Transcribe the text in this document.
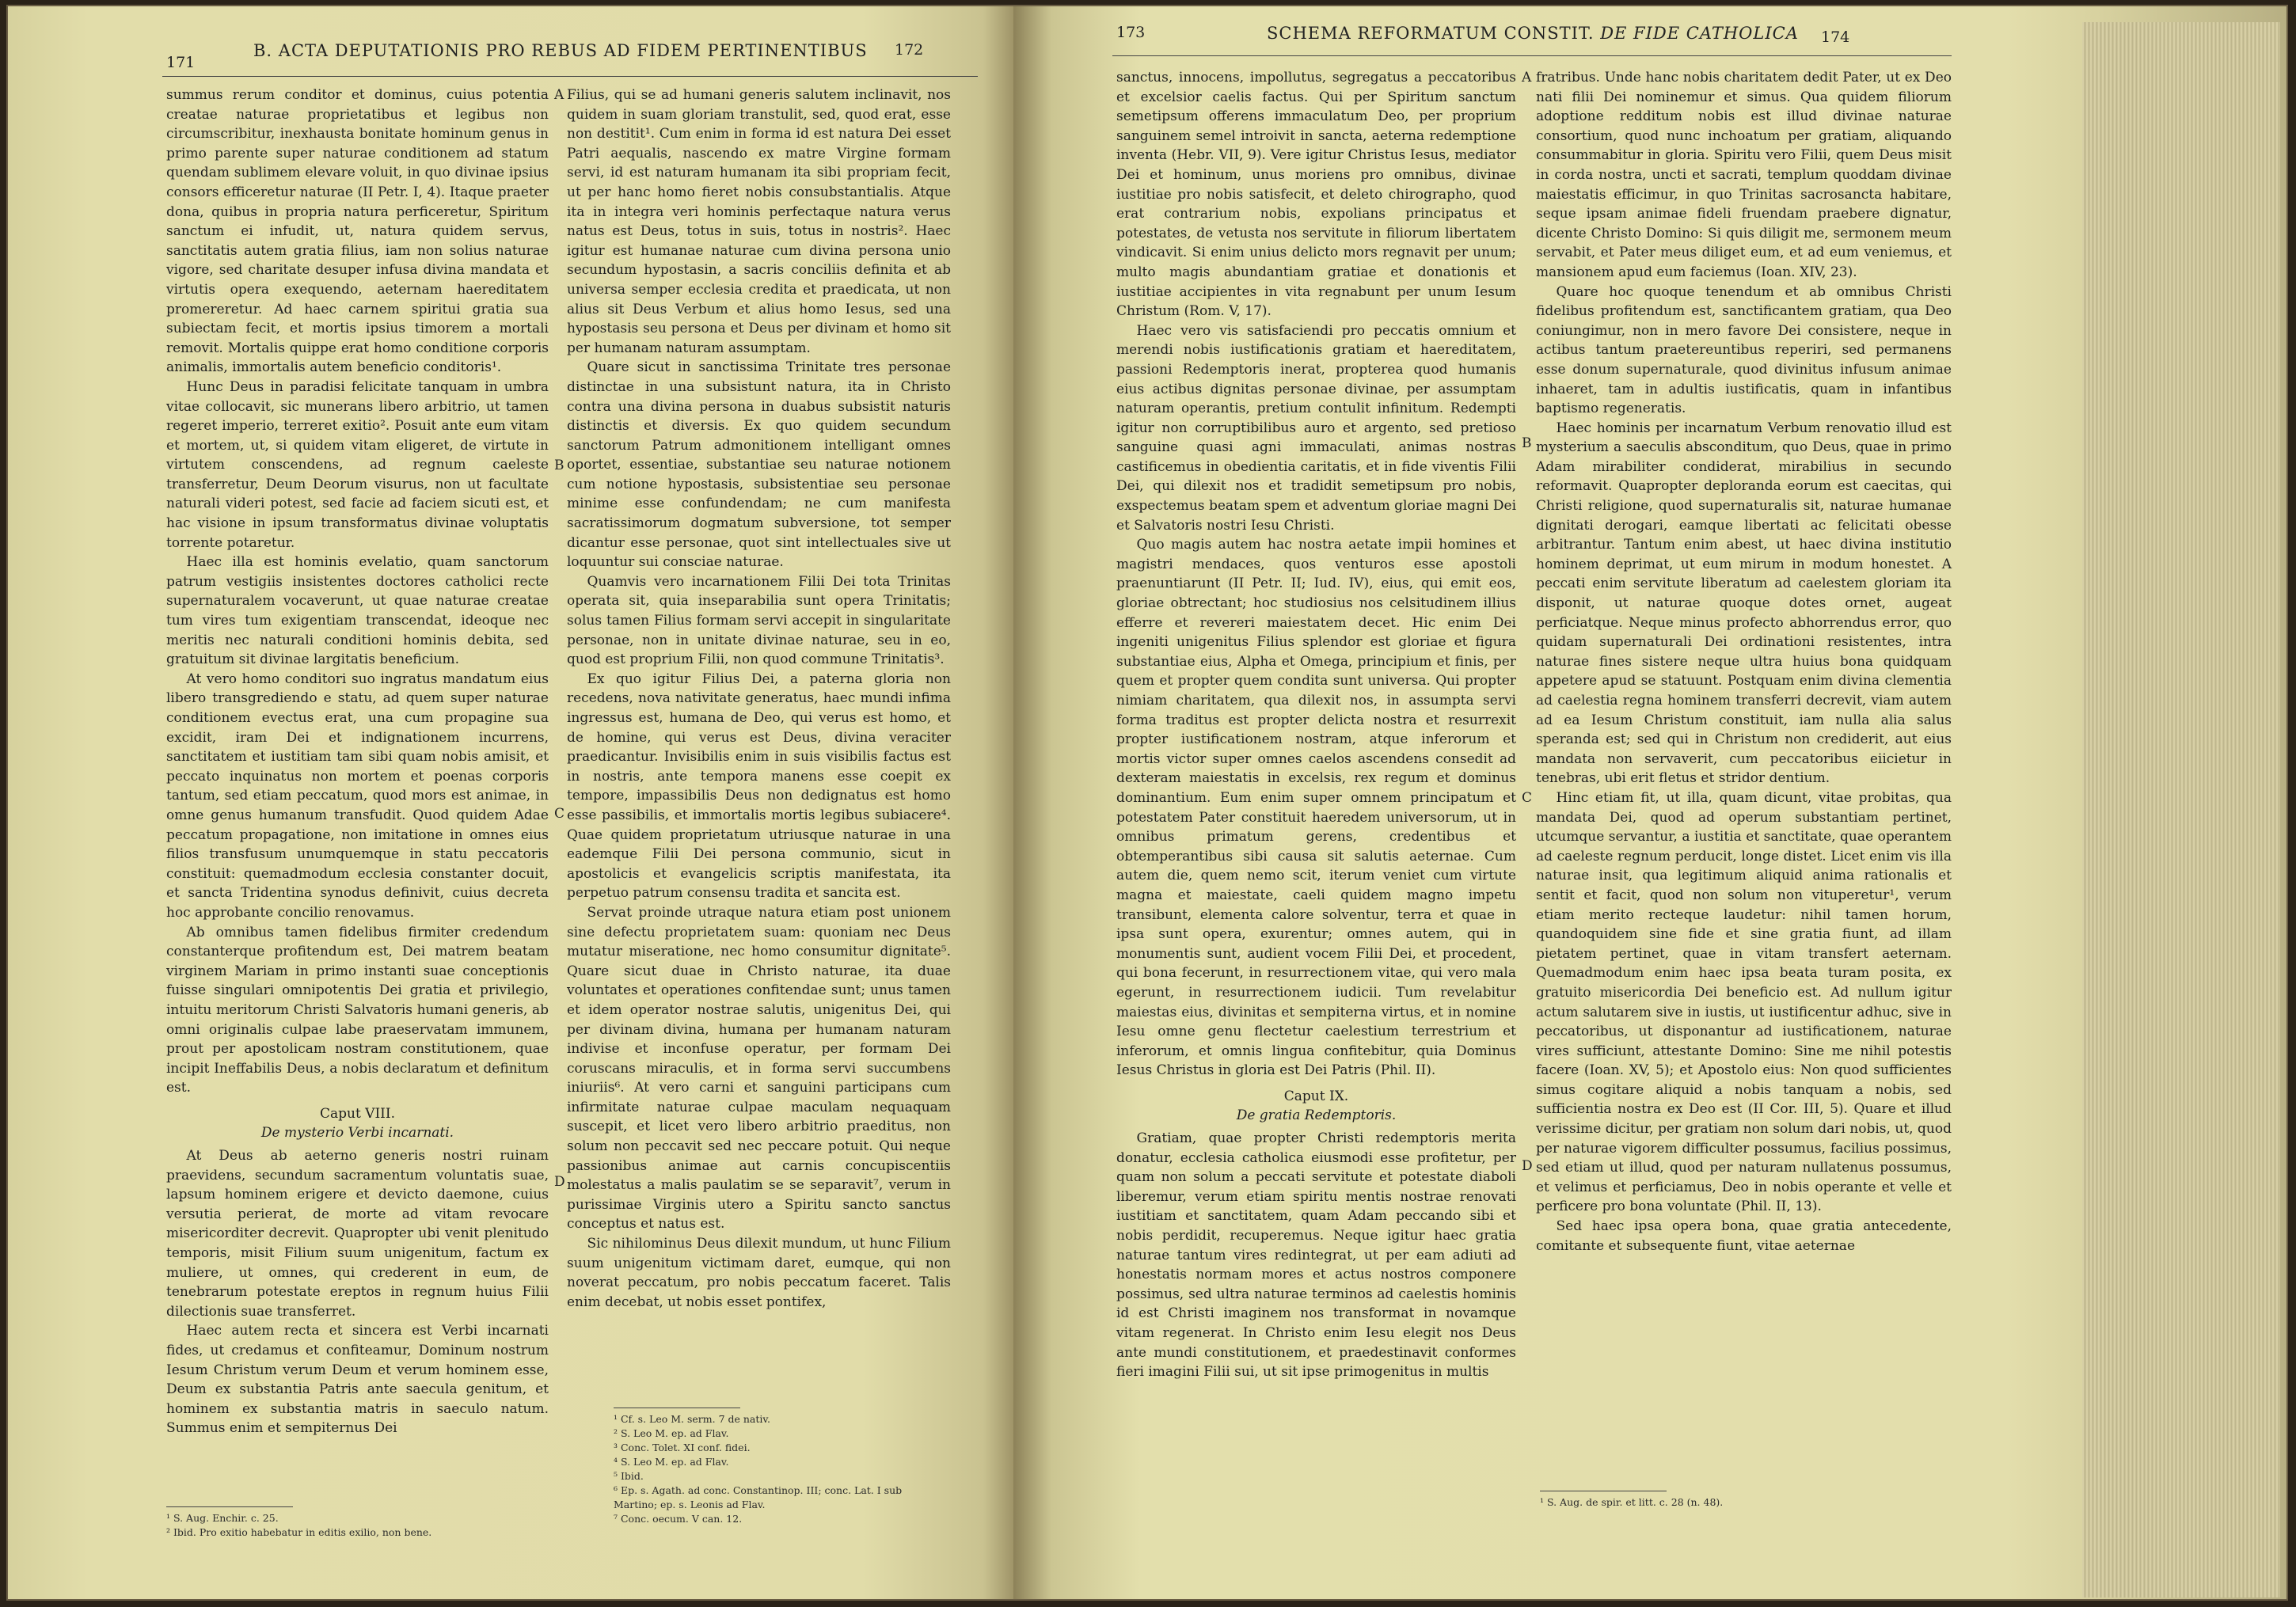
171
B. ACTA DEPUTATIONIS PRO REBUS AD FIDEM PERTINENTIBUS 172

summus rerum conditor et dominus, cuius potentia creatae naturae proprietatibus et legibus non circumscribitur, inexhausta bonitate hominum genus in primo parente super naturae conditionem ad statum quendam sublimem elevare voluit, in quo divinae ipsius consors efficeretur naturae (II Petr. I, 4). Itaque praeter dona, quibus in propria natura perficeretur, Spiritum sanctum ei infudit, ut, natura quidem servus, sanctitatis autem gratia filius, iam non solius naturae vigore, sed charitate desuper infusa divina mandata et virtutis opera exequendo, aeternam haereditatem promereretur. Ad haec carnem spiritui gratia sua subiectam fecit, et mortis ipsius timorem a mortali removit. Mortalis quippe erat homo conditione corporis animalis, immortalis autem beneficio conditoris¹.

Hunc Deus in paradisi felicitate tanquam in umbra vitae collocavit, sic munerans libero arbitrio, ut tamen regeret imperio, terreret exitio². Posuit ante eum vitam et mortem, ut, si quidem vitam eligeret, de virtute in virtutem conscendens, ad regnum caeleste transferretur, Deum Deorum visurus, non ut facultate naturali videri potest, sed facie ad faciem sicuti est, et hac visione in ipsum transformatus divinae voluptatis torrente potaretur.

Haec illa est hominis evelatio, quam sanctorum patrum vestigiis insistentes doctores catholici recte supernaturalem vocaverunt, ut quae naturae creatae tum vires tum exigentiam transcendat, ideoque nec meritis nec naturali conditioni hominis debita, sed gratuitum sit divinae largitatis beneficium.

At vero homo conditori suo ingratus mandatum eius libero transgrediendo e statu, ad quem super naturae conditionem evectus erat, una cum propagine sua excidit, iram Dei et indignationem incurrens, sanctitatem et iustitiam tam sibi quam nobis amisit, et peccato inquinatus non mortem et poenas corporis tantum, sed etiam peccatum, quod mors est animae, in omne genus humanum transfudit. Quod quidem Adae peccatum propagatione, non imitatione in omnes eius filios transfusum unumquemque in statu peccatoris constituit: quemadmodum ecclesia constanter docuit, et sancta Tridentina synodus definivit, cuius decreta hoc approbante concilio renovamus.

Ab omnibus tamen fidelibus firmiter credendum constanterque profitendum est, Dei matrem beatam virginem Mariam in primo instanti suae conceptionis fuisse singulari omnipotentis Dei gratia et privilegio, intuitu meritorum Christi Salvatoris humani generis, ab omni originalis culpae labe praeservatam immunem, prout per apostolicam nostram constitutionem, quae incipit Ineffabilis Deus, a nobis declaratum et definitum est.

Caput VIII.

De mysterio Verbi incarnati.

At Deus ab aeterno generis nostri ruinam praevidens, secundum sacramentum voluntatis suae, lapsum hominem erigere et devicto daemone, cuius versutia perierat, de morte ad vitam revocare misericorditer decrevit. Quapropter ubi venit plenitudo temporis, misit Filium suum unigenitum, factum ex muliere, ut omnes, qui crederent in eum, de tenebrarum potestate ereptos in regnum huius Filii dilectionis suae transferret.

Haec autem recta et sincera est Verbi incarnati fides, ut credamus et confiteamur, Dominum nostrum Iesum Christum verum Deum et verum hominem esse, Deum ex substantia Patris ante saecula genitum, et hominem ex substantia matris in saeculo natum. Summus enim et sempiternus Dei

¹ S. Aug. Enchir. c. 25.
² Ibid. Pro exitio habebatur in editis exilio, non bene.
A
B
C
D

Filius, qui se ad humani generis salutem inclinavit, nos quidem in suam gloriam transtulit, sed, quod erat, esse non destitit¹. Cum enim in forma id est natura Dei esset Patri aequalis, nascendo ex matre Virgine formam servi, id est naturam humanam ita sibi propriam fecit, ut per hanc homo fieret nobis consubstantialis. Atque ita in integra veri hominis perfectaque natura verus natus est Deus, totus in suis, totus in nostris². Haec igitur est humanae naturae cum divina persona unio secundum hypostasin, a sacris conciliis definita et ab universa semper ecclesia credita et praedicata, ut non alius sit Deus Verbum et alius homo Iesus, sed una hypostasis seu persona et Deus per divinam et homo sit per humanam naturam assumptam.

Quare sicut in sanctissima Trinitate tres personae distinctae in una subsistunt natura, ita in Christo contra una divina persona in duabus subsistit naturis distinctis et diversis. Ex quo quidem secundum sanctorum Patrum admonitionem intelligant omnes oportet, essentiae, substantiae seu naturae notionem cum notione hypostasis, subsistentiae seu personae minime esse confundendam; ne cum manifesta sacratissimorum dogmatum subversione, tot semper dicantur esse personae, quot sint intellectuales sive ut loquuntur sui consciae naturae.

Quamvis vero incarnationem Filii Dei tota Trinitas operata sit, quia inseparabilia sunt opera Trinitatis; solus tamen Filius formam servi accepit in singularitate personae, non in unitate divinae naturae, seu in eo, quod est proprium Filii, non quod commune Trinitatis³.

Ex quo igitur Filius Dei, a paterna gloria non recedens, nova nativitate generatus, haec mundi infima ingressus est, humana de Deo, qui verus est homo, et de homine, qui verus est Deus, divina veraciter praedicantur. Invisibilis enim in suis visibilis factus est in nostris, ante tempora manens esse coepit ex tempore, impassibilis Deus non dedignatus est homo esse passibilis, et immortalis mortis legibus subiacere⁴. Quae quidem proprietatum utriusque naturae in una eademque Filii Dei persona communio, sicut in apostolicis et evangelicis scriptis manifestata, ita perpetuo patrum consensu tradita et sancita est.

Servat proinde utraque natura etiam post unionem sine defectu proprietatem suam: quoniam nec Deus mutatur miseratione, nec homo consumitur dignitate⁵. Quare sicut duae in Christo naturae, ita duae voluntates et operationes confitendae sunt; unus tamen et idem operator nostrae salutis, unigenitus Dei, qui per divinam divina, humana per humanam naturam indivise et inconfuse operatur, per formam Dei coruscans miraculis, et in forma servi succumbens iniuriis⁶. At vero carni et sanguini participans cum infirmitate naturae culpae maculam nequaquam suscepit, et licet vero libero arbitrio praeditus, non solum non peccavit sed nec peccare potuit. Qui neque passionibus animae aut carnis concupiscentiis molestatus a malis paulatim se se separavit⁷, verum in purissimae Virginis utero a Spiritu sancto sanctus conceptus et natus est.

Sic nihilominus Deus dilexit mundum, ut hunc Filium suum unigenitum victimam daret, eumque, qui non noverat peccatum, pro nobis peccatum faceret. Talis enim decebat, ut nobis esset pontifex,

¹ Cf. s. Leo M. serm. 7 de nativ.
² S. Leo M. ep. ad Flav.
³ Conc. Tolet. XI conf. fidei.
⁴ S. Leo M. ep. ad Flav.
⁵ Ibid.
⁶ Ep. s. Agath. ad conc. Constantinop. III; conc. Lat. I sub
Martino; ep. s. Leonis ad Flav.
⁷ Conc. oecum. V can. 12.
173	SCHEMA REFORMATUM CONSTIT. DE FIDE CATHOLICA 174

sanctus, innocens, impollutus, segregatus a peccatoribus et excelsior caelis factus. Qui per Spiritum sanctum semetipsum offerens immaculatum Deo, per proprium sanguinem semel introivit in sancta, aeterna redemptione inventa (Hebr. VII, 9). Vere igitur Christus Iesus, mediator Dei et hominum, unus moriens pro omnibus, divinae iustitiae pro nobis satisfecit, et deleto chirographo, quod erat contrarium nobis, expolians principatus et potestates, de vetusta nos servitute in filiorum libertatem vindicavit. Si enim unius delicto mors regnavit per unum; multo magis abundantiam gratiae et donationis et iustitiae accipientes in vita regnabunt per unum Iesum Christum (Rom. V, 17).

Haec vero vis satisfaciendi pro peccatis omnium et merendi nobis iustificationis gratiam et haereditatem, passioni Redemptoris inerat, propterea quod humanis eius actibus dignitas personae divinae, per assumptam naturam operantis, pretium contulit infinitum. Redempti igitur non corruptibilibus auro et argento, sed pretioso sanguine quasi agni immaculati, animas nostras castificemus in obedientia caritatis, et in fide viventis Filii Dei, qui dilexit nos et tradidit semetipsum pro nobis, exspectemus beatam spem et adventum gloriae magni Dei et Salvatoris nostri Iesu Christi.

Quo magis autem hac nostra aetate impii homines et magistri mendaces, quos venturos esse apostoli praenuntiarunt (II Petr. II; Iud. IV), eius, qui emit eos, gloriae obtrectant; hoc studiosius nos celsitudinem illius efferre et revereri maiestatem decet. Hic enim Dei ingeniti unigenitus Filius splendor est gloriae et figura substantiae eius, Alpha et Omega, principium et finis, per quem et propter quem condita sunt universa. Qui propter nimiam charitatem, qua dilexit nos, in assumpta servi forma traditus est propter delicta nostra et resurrexit propter iustificationem nostram, atque inferorum et mortis victor super omnes caelos ascendens consedit ad dexteram maiestatis in excelsis, rex regum et dominus dominantium. Eum enim super omnem principatum et potestatem Pater constituit haeredem universorum, ut in omnibus primatum gerens, credentibus et obtemperantibus sibi causa sit salutis aeternae. Cum autem die, quem nemo scit, iterum veniet cum virtute magna et maiestate, caeli quidem magno impetu transibunt, elementa calore solventur, terra et quae in ipsa sunt opera, exurentur; omnes autem, qui in monumentis sunt, audient vocem Filii Dei, et procedent, qui bona fecerunt, in resurrectionem vitae, qui vero mala egerunt, in resurrectionem iudicii. Tum revelabitur maiestas eius, divinitas et sempiterna virtus, et in nomine Iesu omne genu flectetur caelestium terrestrium et inferorum, et omnis lingua confitebitur, quia Dominus Iesus Christus in gloria est Dei Patris (Phil. II).

Caput IX.

De gratia Redemptoris.

Gratiam, quae propter Christi redemptoris merita donatur, ecclesia catholica eiusmodi esse profitetur, per quam non solum a peccati servitute et potestate diaboli liberemur, verum etiam spiritu mentis nostrae renovati iustitiam et sanctitatem, quam Adam peccando sibi et nobis perdidit, recuperemus. Neque igitur haec gratia naturae tantum vires redintegrat, ut per eam adiuti ad honestatis normam mores et actus nostros componere possimus, sed ultra naturae terminos ad caelestis hominis id est Christi imaginem nos transformat in novamque vitam regenerat. In Christo enim Iesu elegit nos Deus ante mundi constitutionem, et praedestinavit conformes fieri imagini Filii sui, ut sit ipse primogenitus in multis

A
B
C
D

fratribus. Unde hanc nobis charitatem dedit Pater, ut ex Deo nati filii Dei nominemur et simus. Qua quidem filiorum adoptione redditum nobis est illud divinae naturae consortium, quod nunc inchoatum per gratiam, aliquando consummabitur in gloria. Spiritu vero Filii, quem Deus misit in corda nostra, uncti et sacrati, templum quoddam divinae maiestatis efficimur, in quo Trinitas sacrosancta habitare, seque ipsam animae fideli fruendam praebere dignatur, dicente Christo Domino: Si quis diligit me, sermonem meum servabit, et Pater meus diliget eum, et ad eum veniemus, et mansionem apud eum faciemus (Ioan. XIV, 23).

Quare hoc quoque tenendum et ab omnibus Christi fidelibus profitendum est, sanctificantem gratiam, qua Deo coniungimur, non in mero favore Dei consistere, neque in actibus tantum praetereuntibus reperiri, sed permanens esse donum supernaturale, quod divinitus infusum animae inhaeret, tam in adultis iustificatis, quam in infantibus baptismo regeneratis.

Haec hominis per incarnatum Verbum renovatio illud est mysterium a saeculis absconditum, quo Deus, quae in primo Adam mirabiliter condiderat, mirabilius in secundo reformavit. Quapropter deploranda eorum est caecitas, qui Christi religione, quod supernaturalis sit, naturae humanae dignitati derogari, eamque libertati ac felicitati obesse arbitrantur. Tantum enim abest, ut haec divina institutio hominem deprimat, ut eum mirum in modum honestet. A peccati enim servitute liberatum ad caelestem gloriam ita disponit, ut naturae quoque dotes ornet, augeat perficiatque. Neque minus profecto abhorrendus error, quo quidam supernaturali Dei ordinationi resistentes, intra naturae fines sistere neque ultra huius bona quidquam appetere apud se statuunt. Postquam enim divina clementia ad caelestia regna hominem transferri decrevit, viam autem ad ea Iesum Christum constituit, iam nulla alia salus speranda est; sed qui in Christum non crediderit, aut eius mandata non servaverit, cum peccatoribus eiicietur in tenebras, ubi erit fletus et stridor dentium.

Hinc etiam fit, ut illa, quam dicunt, vitae probitas, qua mandata Dei, quod ad operum substantiam pertinet, utcumque servantur, a iustitia et sanctitate, quae operantem ad caeleste regnum perducit, longe distet. Licet enim vis illa naturae insit, qua legitimum aliquid anima rationalis et sentit et facit, quod non solum non vituperetur¹, verum etiam merito recteque laudetur: nihil tamen horum, quandoquidem sine fide et sine gratia fiunt, ad illam pietatem pertinet, quae in vitam transfert aeternam. Quemadmodum enim haec ipsa beata turam posita, ex gratuito misericordia Dei beneficio est. Ad nullum igitur actum salutarem sive in iustis, ut iustificentur adhuc, sive in peccatoribus, ut disponantur ad iustificationem, naturae vires sufficiunt, attestante Domino: Sine me nihil potestis facere (Ioan. XV, 5); et Apostolo eius: Non quod sufficientes simus cogitare aliquid a nobis tanquam a nobis, sed sufficientia nostra ex Deo est (II Cor. III, 5). Quare et illud verissime dicitur, per gratiam non solum dari nobis, ut, quod per naturae vigorem difficulter possumus, facilius possimus, sed etiam ut illud, quod per naturam nullatenus possumus, et velimus et perficiamus, Deo in nobis operante et velle et perficere pro bona voluntate (Phil. II, 13).

Sed haec ipsa opera bona, quae gratia antecedente, comitante et subsequente fiunt, vitae aeternae

¹ S. Aug. de spir. et litt. c. 28 (n. 48).
